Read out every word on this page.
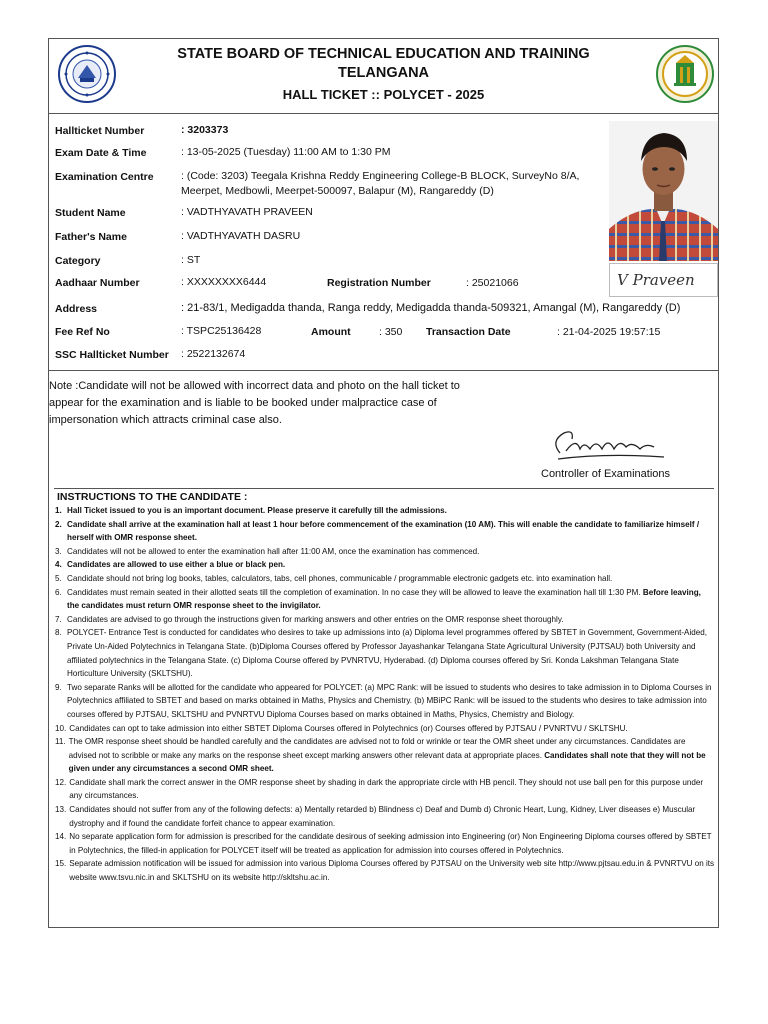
STATE BOARD OF TECHNICAL EDUCATION AND TRAINING
TELANGANA
HALL TICKET :: POLYCET - 2025
Hallticket Number	: 3203373
Exam Date & Time	: 13-05-2025 (Tuesday) 11:00 AM to 1:30 PM
Examination Centre	: (Code: 3203) Teegala Krishna Reddy Engineering College-B BLOCK, SurveyNo 8/A, Meerpet, Medbowli, Meerpet-500097, Balapur (M), Rangareddy (D)
Student Name	: VADTHYAVATH PRAVEEN
Father's Name	: VADTHYAVATH DASRU
Category	: ST
Aadhaar Number	: XXXXXXXX6444	Registration Number	: 25021066
Address	: 21-83/1, Medigadda thanda, Ranga reddy, Medigadda thanda-509321, Amangal (M), Rangareddy (D)
Fee Ref No	: TSPC25136428	Amount	: 350 Transaction Date	: 21-04-2025 19:57:15
SSC Hallticket Number : 2522132674
V Praveen
Note :Candidate will not be allowed with incorrect data and photo on the hall ticket to appear for the examination and is liable to be booked under malpractice case of impersonation which attracts criminal case also.
Controller of Examinations
INSTRUCTIONS TO THE CANDIDATE :
1. Hall Ticket issued to you is an important document. Please preserve it carefully till the admissions.
2. Candidate shall arrive at the examination hall at least 1 hour before commencement of the examination (10 AM). This will enable the candidate to familiarize himself / herself with OMR response sheet.
3. Candidates will not be allowed to enter the examination hall after 11:00 AM, once the examination has commenced.
4. Candidates are allowed to use either a blue or black pen.
5. Candidate should not bring log books, tables, calculators, tabs, cell phones, communicable / programmable electronic gadgets etc. into examination hall.
6. Candidates must remain seated in their allotted seats till the completion of examination. In no case they will be allowed to leave the examination hall till 1:30 PM. Before leaving, the candidates must return OMR response sheet to the invigilator.
7. Candidates are advised to go through the instructions given for marking answers and other entries on the OMR response sheet thoroughly.
8. POLYCET- Entrance Test is conducted for candidates who desires to take up admissions into (a) Diploma level programmes offered by SBTET in Government, Government-Aided, Private Un-Aided Polytechnics in Telangana State. (b)Diploma Courses offered by Professor Jayashankar Telangana State Agricultural University (PJTSAU) both University and affiliated polytechnics in the Telangana State. (c) Diploma Course offered by PVNRTVU, Hyderabad. (d) Diploma courses offered by Sri. Konda Lakshman Telangana State Horticulture University (SKLTSHU).
9. Two separate Ranks will be allotted for the candidate who appeared for POLYCET: (a) MPC Rank: will be issued to students who desires to take admission in to Diploma Courses in Polytechnics affiliated to SBTET and based on marks obtained in Maths, Physics and Chemistry. (b) MBiPC Rank: will be issued to the students who desires to take admission into courses offered by PJTSAU, SKLTSHU and PVNRTVU Diploma Courses based on marks obtained in Maths, Physics, Chemistry and Biology.
10. Candidates can opt to take admission into either SBTET Diploma Courses offered in Polytechnics (or) Courses offered by PJTSAU / PVNRTVU / SKLTSHU.
11. The OMR response sheet should be handled carefully and the candidates are advised not to fold or wrinkle or tear the OMR sheet under any circumstances. Candidates are advised not to scribble or make any marks on the response sheet except marking answers other relevant data at appropriate places. Candidates shall note that they will not be given under any circumstances a second OMR sheet.
12. Candidate shall mark the correct answer in the OMR response sheet by shading in dark the appropriate circle with HB pencil. They should not use ball pen for this purpose under any circumstances.
13. Candidates should not suffer from any of the following defects: a) Mentally retarded b) Blindness c) Deaf and Dumb d) Chronic Heart, Lung, Kidney, Liver diseases e) Muscular dystrophy and if found the candidate forfeit chance to appear examination.
14. No separate application form for admission is prescribed for the candidate desirous of seeking admission into Engineering (or) Non Engineering Diploma courses offered by SBTET in Polytechnics, the filled-in application for POLYCET itself will be treated as application for admission into courses offered in Polytechnics.
15. Separate admission notification will be issued for admission into various Diploma Courses offered by PJTSAU on the University web site http://www.pjtsau.edu.in & PVNRTVU on its website www.tsvu.nic.in and SKLTSHU on its website http://skltshu.ac.in.
